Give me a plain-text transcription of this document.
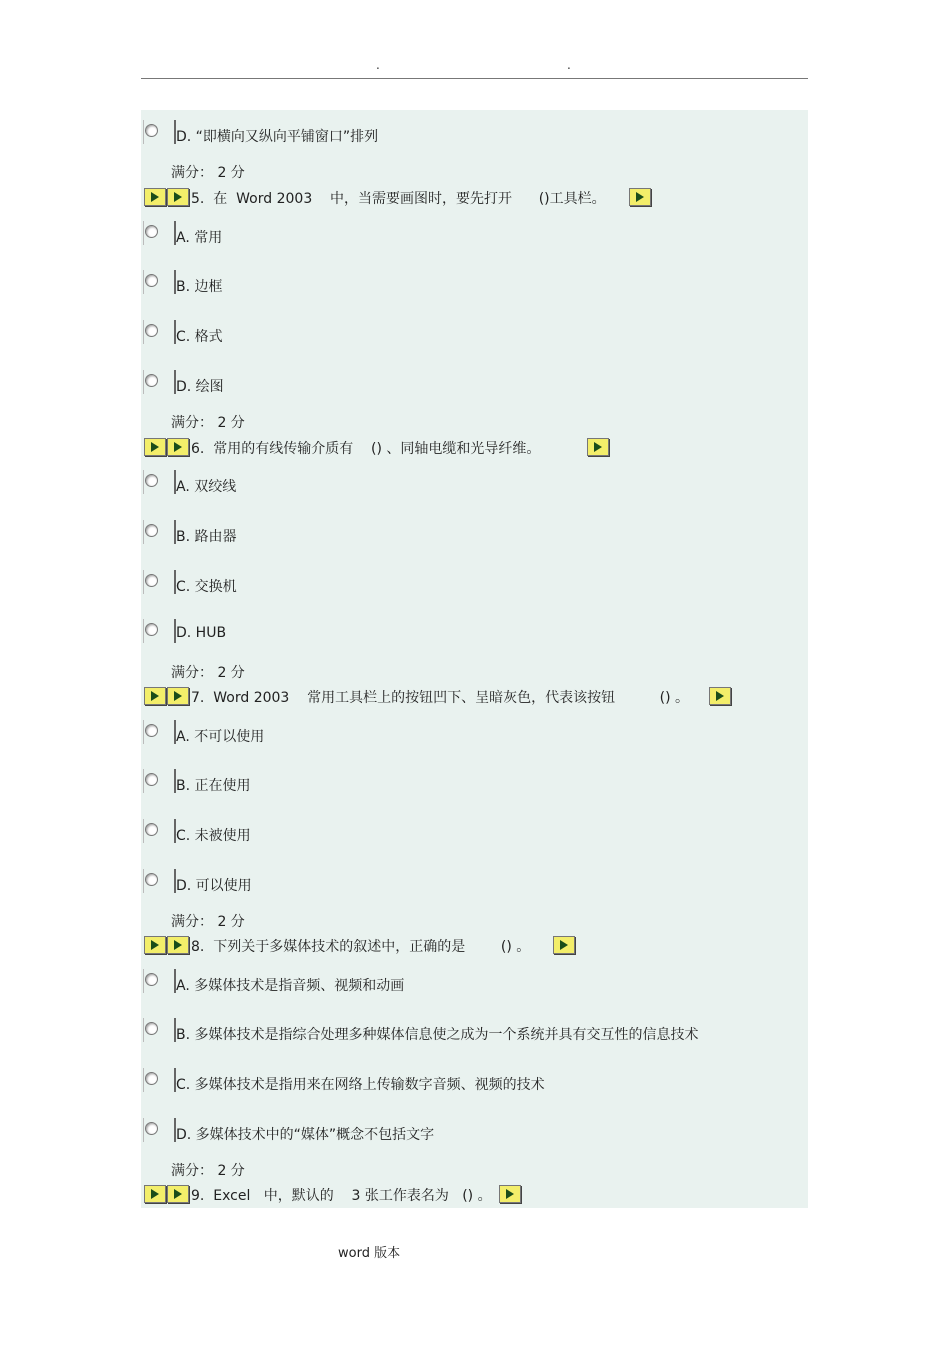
.	.
D. “即横向又纵向平铺窗口”排列
满分： 2 分
5.  在  Word 2003    中，当需要画图时，要先打开      ()工具栏。
A. 常用
B. 边框
C. 格式
D. 绘图
满分： 2 分
6.  常用的有线传输介质有    () 、同轴电缆和光导纤维。
A. 双绞线
B. 路由器
C. 交换机
D. HUB
满分： 2 分
7.  Word 2003    常用工具栏上的按钮凹下、呈暗灰色，代表该按钮          () 。
A. 不可以使用
B. 正在使用
C. 未被使用
D. 可以使用
满分： 2 分
8.  下列关于多媒体技术的叙述中，正确的是        () 。
A. 多媒体技术是指音频、视频和动画
B. 多媒体技术是指综合处理多种媒体信息使之成为一个系统并具有交互性的信息技术
C. 多媒体技术是指用来在网络上传输数字音频、视频的技术
D. 多媒体技术中的“媒体”概念不包括文字
满分： 2 分
9.  Excel   中，默认的    3 张工作表名为   () 。
word 版本
